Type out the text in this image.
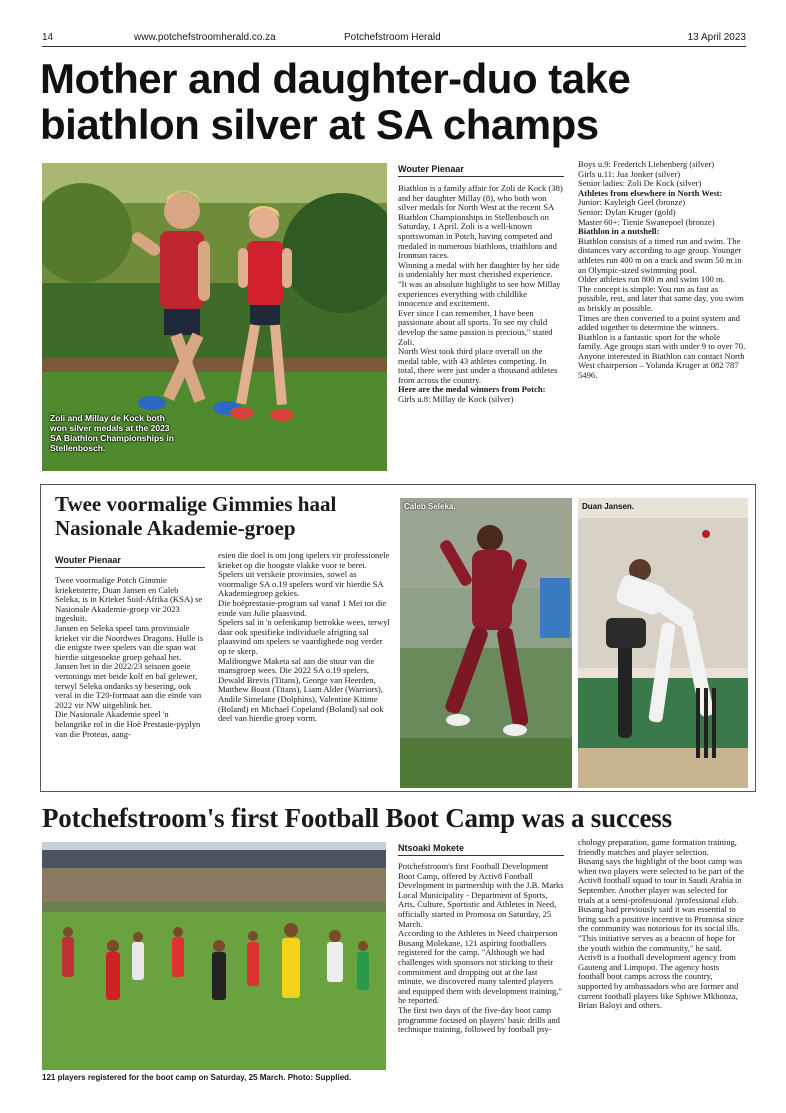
14	www.potchefstroomherald.co.za	Potchefstroom Herald	13 April 2023
Mother and daughter-duo take biathlon silver at SA champs
Zoli and Millay de Kock both won silver medals at the 2023 SA Biathlon Championships in Stellenbosch.
Wouter Pienaar

Biathlon is a family affair for Zoli de Kock (38) and her daughter Millay (8), who both won silver medals for North West at the recent SA Biathlon Championships in Stellenbosch on Saturday, 1 April. Zoli is a well-known sportswoman in Potch, having competed and medaled in numerous biathlons, triathlons and Ironman races.

Winning a medal with her daughter by her side is undeniably her most cherished experience.

"It was an absolute highlight to see how Millay experiences everything with childlike innocence and excitement.

Ever since I can remember, I have been passionate about all sports. To see my child develop the same passion is precious," stated Zoli.

North West took third place overall on the medal table, with 43 athletes competing. In total, there were just under a thousand athletes from across the country.

Here are the medal winners from Potch:

Girls u.8: Millay de Kock (silver)

Boys u.9: Frederich Liebenberg (silver)

Girls u.11: Jua Jonker (silver)

Senior ladies: Zoli De Kock (silver)

Athletes from elsewhere in North West:

Junior: Kayleigh Geel (bronze)

Senior: Dylan Kruger (gold)

Master 60+: Tienie Swanepoel (bronze)

Biathlon in a nutshell:

Biathlon consists of a timed run and swim. The distances vary according to age group. Younger athletes run 400 m on a track and swim 50 m in an Olympic-sized swimming pool.

Older athletes run 800 m and swim 100 m.

The concept is simple: You run as fast as possible, rest, and later that same day, you swim as briskly as possible.

Times are then converted to a point system and added together to determine the winners. Biathlon is a fantastic sport for the whole family. Age groups start with under 9 to over 70.

Anyone interested in Biathlon can contact North West chairperson – Yolanda Kruger at 082 787 5496.

Twee voormalige Gimmies haal Nasionale Akademie-groep
Wouter Pienaar

Twee voormalige Potch Gimmie krieketsterre, Duan Jansen en Caleb Seleka, is in Krieket Suid-Afrika (KSA) se Nasionale Akademie-groep vir 2023 ingesluit.

Jansen en Seleka speel tans provinsiale krieket vir die Noordwes Dragons. Hulle is die enigste twee spelers van die span wat hierdie uitgesoekte groep gehaal het.

Jansen het in die 2022/23 seisoen goeie vertonings met beide kolf en bal gelewer, terwyl Seleka ondanks sy besering, ook veral in die T20-formaat aan die einde van 2022 vir NW uitgeblink het.

Die Nasionale Akademie speel 'n belangrike rol in die Hoë Prestasie-pyplyn van die Proteas, aang-

esien die doel is om jong spelers vir professionele krieket op die hoogste vlakke voor te berei.

Spelers uit verskeie provinsies, sowel as voormalige SA o.19 spelers word vir hierdie SA Akademiegroep gekies.

Die hoëprestasie-program sal vanaf 1 Mei tot die einde van Julie plaasvind.

Spelers sal in 'n oefenkamp betrokke wees, terwyl daar ook spesifieke individuele afrigting sal plaasvind om spelers se vaardighede nog verder op te skerp.

Malibongwe Maketa sal aan die stuur van die mansgroep wees. Die 2022 SA o.19 spelers, Dewald Brevis (Titans), George van Heerden, Matthew Boast (Titans), Liam Alder (Warriors), Andile Simelane (Dolphins), Valentine Kitime (Boland) en Michael Copeland (Boland) sal ook deel van hierdie groep vorm.

Caleb Seleka.	Duan Jansen.
Potchefstroom's first Football Boot Camp was a success
121 players registered for the boot camp on Saturday, 25 March. Photo: Supplied.
Ntsoaki Mokete

Potchefstroom's first Football Development Boot Camp, offered by Activ8 Football Development in partnership with the J.B. Marks Local Municipality - Department of Sports, Arts, Culture, Sportistic and Athletes in Need, officially started in Promosa on Saturday, 25 March.

According to the Athletes in Need chairperson Busang Molekane, 121 aspiring footballers registered for the camp. "Although we had challenges with sponsors not sticking to their commitment and dropping out at the last minute, we discovered many talented players and equipped them with development training," he reported.

The first two days of the five-day boot camp programme focused on players' basic drills and technique training, followed by football psy-

chology preparation, game formation training, friendly matches and player selection.

Busang says the highlight of the boot camp was when two players were selected to be part of the Activ8 football squad to tour in Saudi Arabia in September. Another player was selected for trials at a semi-professional /professional club.

Busang had previously said it was essential to bring such a positive incentive to Promosa since the community was notorious for its social ills. "This initiative serves as a beacon of hope for the youth within the community," he said.

Activ8 is a football development agency from Gauteng and Limpopo. The agency hosts football boot camps across the country, supported by ambassadors who are former and current football players like Sphiwe Mkhonza, Brian Baloyi and others.
